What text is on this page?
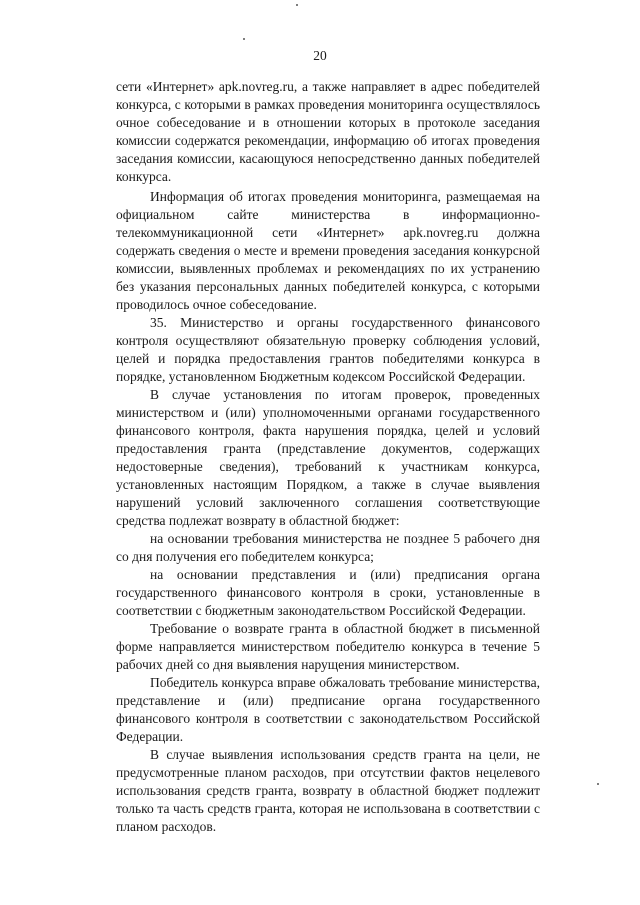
20

сети «Интернет» apk.novreg.ru, а также направляет в адрес победителей конкурса, с которыми в рамках проведения мониторинга осуществлялось очное собеседование и в отношении которых в протоколе заседания комиссии содержатся рекомендации, информацию об итогах проведения заседания комиссии, касающуюся непосредственно данных победителей конкурса.

Информация об итогах проведения мониторинга, размещаемая на официальном сайте министерства в информационно-телекоммуникационной сети «Интернет» apk.novreg.ru должна содержать сведения о месте и времени проведения заседания конкурсной комиссии, выявленных проблемах и рекомендациях по их устранению без указания персональных данных победителей конкурса, с которыми проводилось очное собеседование.

35. Министерство и органы государственного финансового контроля осуществляют обязательную проверку соблюдения условий, целей и порядка предоставления грантов победителями конкурса в порядке, установленном Бюджетным кодексом Российской Федерации.

В случае установления по итогам проверок, проведенных министерством и (или) уполномоченными органами государственного финансового контроля, факта нарушения порядка, целей и условий предоставления гранта (представление документов, содержащих недостоверные сведения), требований к участникам конкурса, установленных настоящим Порядком, а также в случае выявления нарушений условий заключенного соглашения соответствующие средства подлежат возврату в областной бюджет:

на основании требования министерства не позднее 5 рабочего дня со дня получения его победителем конкурса;

на основании представления и (или) предписания органа государственного финансового контроля в сроки, установленные в соответствии с бюджетным законодательством Российской Федерации.

Требование о возврате гранта в областной бюджет в письменной форме направляется министерством победителю конкурса в течение 5 рабочих дней со дня выявления нарущения министерством.

Победитель конкурса вправе обжаловать требование министерства, представление и (или) предписание органа государственного финансового контроля в соответствии с законодательством Российской Федерации.

В случае выявления использования средств гранта на цели, не предусмотренные планом расходов, при отсутствии фактов нецелевого использования средств гранта, возврату в областной бюджет подлежит только та часть средств гранта, которая не использована в соответствии с планом расходов.
